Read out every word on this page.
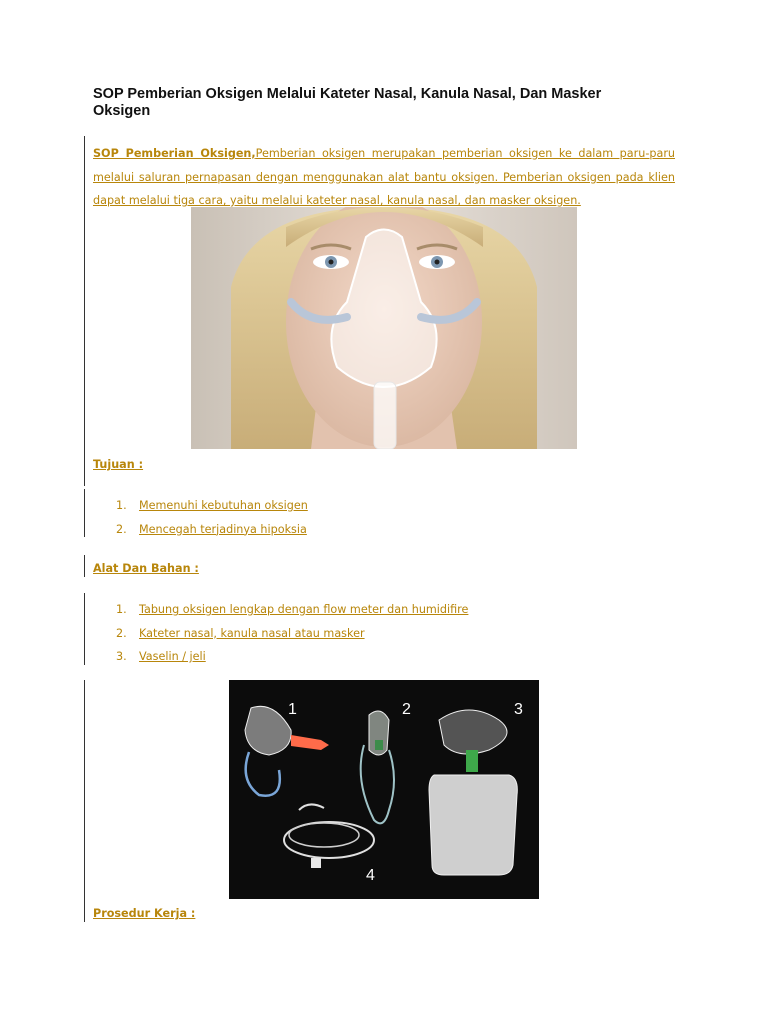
SOP Pemberian Oksigen Melalui Kateter Nasal, Kanula Nasal, Dan Masker Oksigen
SOP Pemberian Oksigen,Pemberian oksigen merupakan pemberian oksigen ke dalam paru-paru melalui saluran pernapasan dengan menggunakan alat bantu oksigen. Pemberian oksigen pada klien dapat melalui tiga cara, yaitu melalui kateter nasal, kanula nasal, dan masker oksigen.
Tujuan :
1. Memenuhi kebutuhan oksigen
2. Mencegah terjadinya hipoksia
Alat Dan Bahan :
1. Tabung oksigen lengkap dengan flow meter dan humidifire
2. Kateter nasal, kanula nasal atau masker
3. Vaselin / jeli
1	2	3
4
Prosedur Kerja :
